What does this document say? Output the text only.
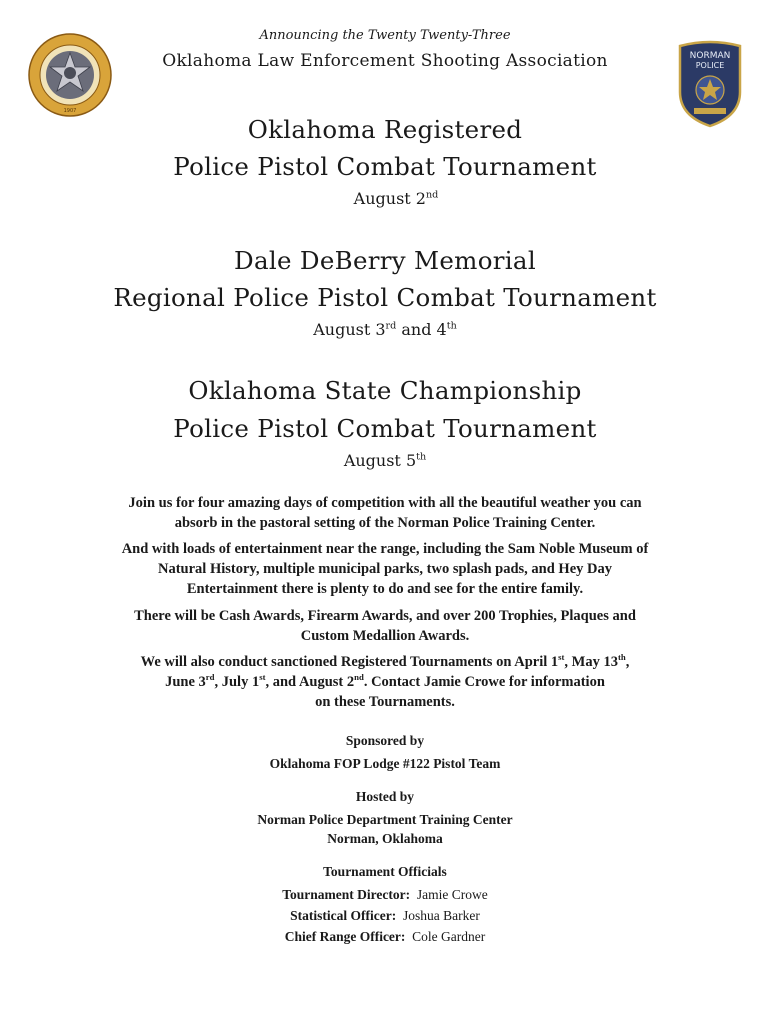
1907
NORMAN
POLICE
Announcing the Twenty Twenty-Three
Oklahoma Law Enforcement Shooting Association
Oklahoma Registered
Police Pistol Combat Tournament
August 2nd
Dale DeBerry Memorial
Regional Police Pistol Combat Tournament
August 3rd and 4th
Oklahoma State Championship
Police Pistol Combat Tournament
August 5th
Join us for four amazing days of competition with all the beautiful weather you can
absorb in the pastoral setting of the Norman Police Training Center.
And with loads of entertainment near the range, including the Sam Noble Museum of
Natural History, multiple municipal parks, two splash pads, and Hey Day
Entertainment there is plenty to do and see for the entire family.
There will be Cash Awards, Firearm Awards, and over 200 Trophies, Plaques and
Custom Medallion Awards.
We will also conduct sanctioned Registered Tournaments on April 1st, May 13th,
June 3rd, July 1st, and August 2nd. Contact Jamie Crowe for information
on these Tournaments.
Sponsored by
Oklahoma FOP Lodge #122 Pistol Team
Hosted by
Norman Police Department Training Center
Norman, Oklahoma
Tournament Officials
Tournament Director: Jamie Crowe
Statistical Officer: Joshua Barker
Chief Range Officer: Cole Gardner
